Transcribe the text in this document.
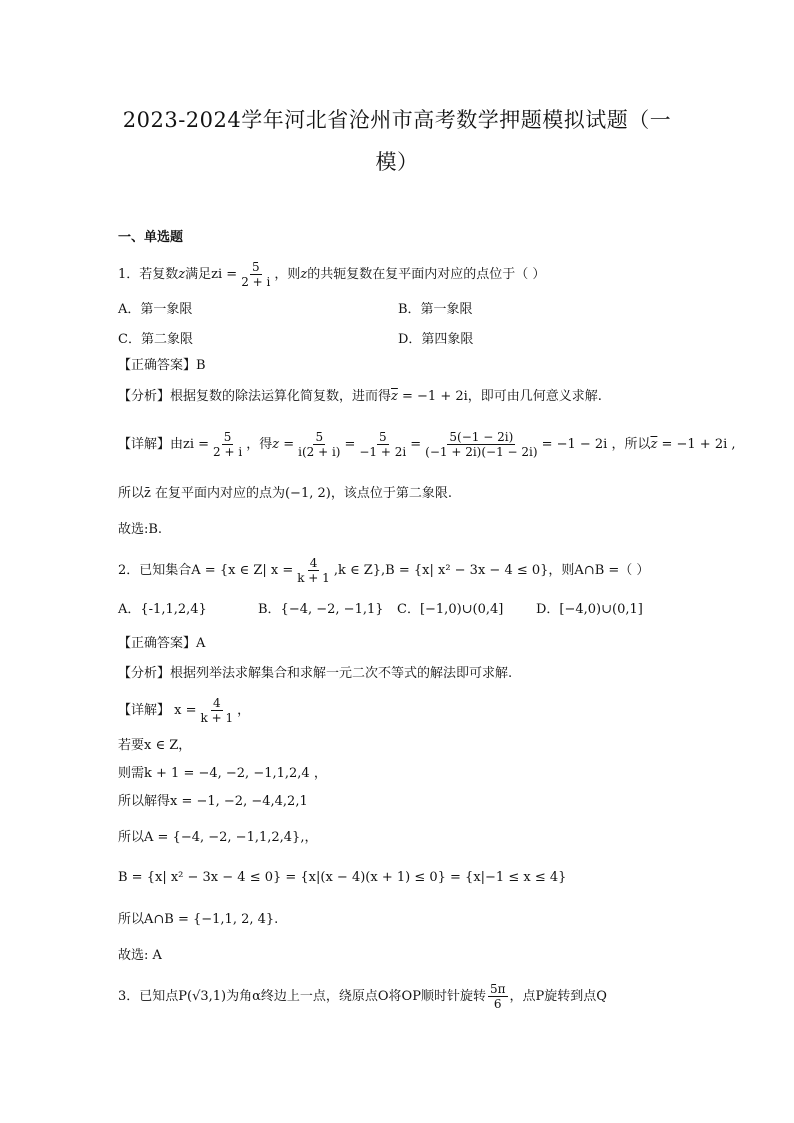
2023-2024学年河北省沧州市高考数学押题模拟试题（一
模）
一、单选题
1．若复数z满足zi = $\frac{5}{2 + i}$ ，则z的共轭复数在复平面内对应的点位于（ ）
A．第一象限	B．第一象限
C．第二象限	D．第四象限
【正确答案】B
【分析】根据复数的除法运算化简复数，进而得$\overline{z} = -1 + 2i$，即可由几何意义求解.
【详解】由zi = $\frac{5}{2 + i}$ ，得$z = \frac{5}{i(2 + i)} = \frac{5}{-1 + 2i} = \frac{5(-1 - 2i)}{(-1 + 2i)(-1 - 2i)} = -1 - 2i$ ，所以$\overline{z} = -1 + 2i$ ,
所以z̄ 在复平面内对应的点为(−1, 2)，该点位于第二象限.
故选:B.
2．已知集合A = {x ∈ Z| $x = \frac{4}{k + 1} ,k$ ∈ Z},B = {x| x² − 3x − 4 ≤ 0}，则A∩B =（ ）
A．{-1,1,2,4}	B．{−4, −2, −1,1} C．[−1,0)∪(0,4]	D．[−4,0)∪(0,1]
【正确答案】A
【分析】根据列举法求解集合和求解一元二次不等式的解法即可求解.
【详解】 $x = \frac{4}{k + 1}$ ，
若要x ∈ Z，
则需k + 1 = −4, −2, −1,1,2,4 ，
所以解得x = −1, −2, −4,4,2,1
所以A = {−4, −2, −1,1,2,4},，
B = {x| x² − 3x − 4 ≤ 0} = {x|(x − 4)(x + 1) ≤ 0} = {x|−1 ≤ x ≤ 4}
所以A∩B = {−1,1, 2, 4}.
故选: A
3．已知点P(√3,1)为角α终边上一点，绕原点O将OP顺时针旋转 $\frac{5\pi}{6}$ ，点P旋转到点Q
